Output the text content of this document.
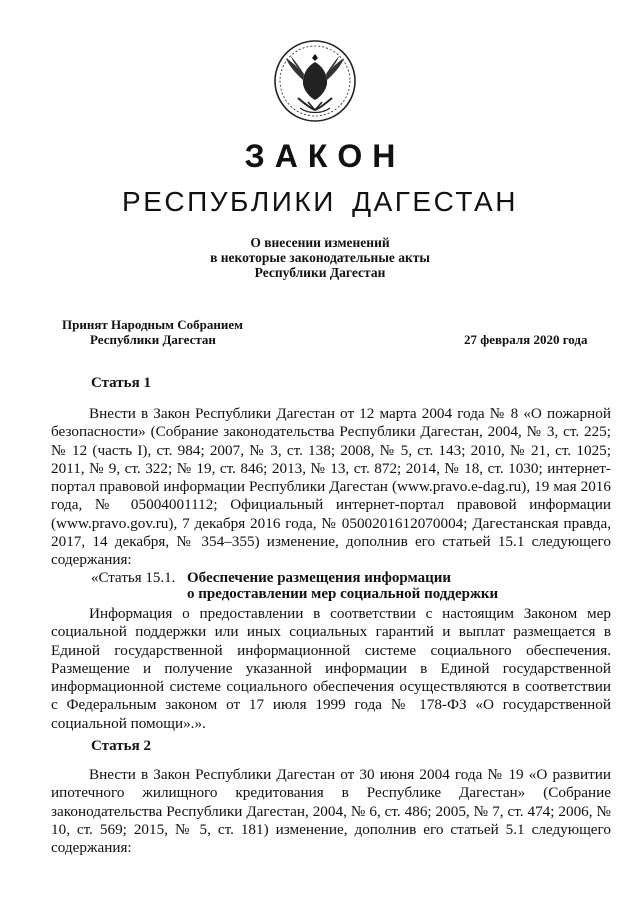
ЗАКОН
РЕСПУБЛИКИ ДАГЕСТАН
О внесении изменений
в некоторые законодательные акты
Республики Дагестан
Принят Народным Собранием
Республики Дагестан	27 февраля 2020 года
Статья 1

Внести в Закон Республики Дагестан от 12 марта 2004 года № 8 «О пожарной безопасности» (Собрание законодательства Республики Дагестан, 2004, № 3, ст. 225; № 12 (часть I), ст. 984; 2007, № 3, ст. 138; 2008, № 5, ст. 143; 2010, № 21, ст. 1025; 2011, № 9, ст. 322; № 19, ст. 846; 2013, № 13, ст. 872; 2014, № 18, ст. 1030; интернет-портал правовой информации Республики Дагестан (www.pravo.e-dag.ru), 19 мая 2016 года, № 05004001112; Официальный интернет-портал правовой информации (www.pravo.gov.ru), 7 декабря 2016 года, № 0500201612070004; Дагестанская правда, 2017, 14 декабря, № 354–355) изменение, дополнив его статьей 15.1 следующего содержания:

«Статья 15.1. Обеспечение размещения информации
о предоставлении мер социальной поддержки

Информация о предоставлении в соответствии с настоящим Законом мер социальной поддержки или иных социальных гарантий и выплат размещается в Единой государственной информационной системе социального обеспечения. Размещение и получение указанной информации в Единой государственной информационной системе социального обеспечения осуществляются в соответствии с Федеральным законом от 17 июля 1999 года № 178-ФЗ «О государственной социальной помощи».».

Статья 2

Внести в Закон Республики Дагестан от 30 июня 2004 года № 19 «О развитии ипотечного жилищного кредитования в Республике Дагестан» (Собрание законодательства Республики Дагестан, 2004, № 6, ст. 486; 2005, № 7, ст. 474; 2006, № 10, ст. 569; 2015, № 5, ст. 181) изменение, дополнив его статьей 5.1 следующего содержания:
